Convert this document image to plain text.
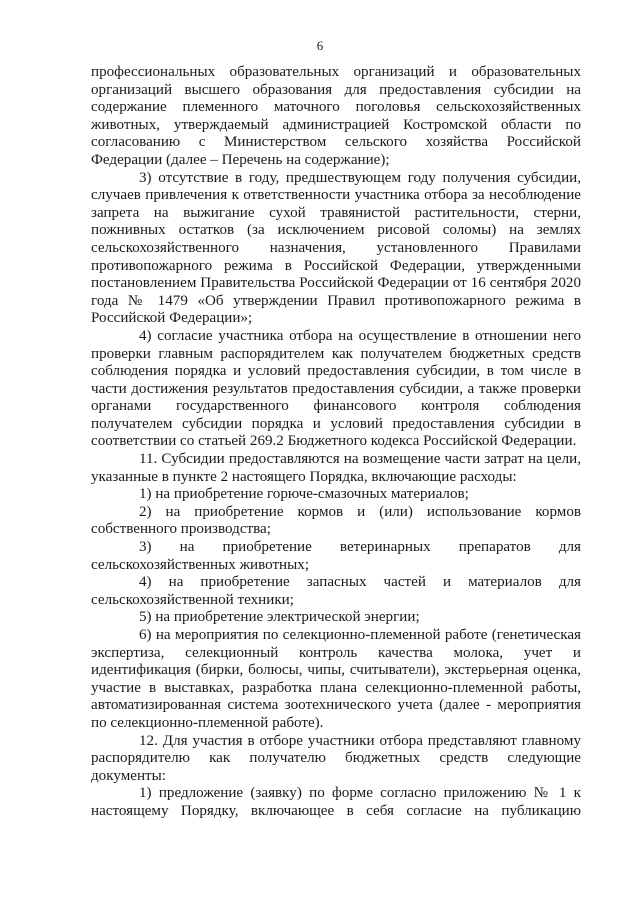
6

профессиональных образовательных организаций и образовательных организаций высшего образования для предоставления субсидии на содержание племенного маточного поголовья сельскохозяйственных животных, утверждаемый администрацией Костромской области по согласованию с Министерством сельского хозяйства Российской Федерации (далее – Перечень на содержание);

3) отсутствие в году, предшествующем году получения субсидии, случаев привлечения к ответственности участника отбора за несоблюдение запрета на выжигание сухой травянистой растительности, стерни, пожнивных остатков (за исключением рисовой соломы) на землях сельскохозяйственного назначения, установленного Правилами противопожарного режима в Российской Федерации, утвержденными постановлением Правительства Российской Федерации от 16 сентября 2020 года № 1479 «Об утверждении Правил противопожарного режима в Российской Федерации»;

4) согласие участника отбора на осуществление в отношении него проверки главным распорядителем как получателем бюджетных средств соблюдения порядка и условий предоставления субсидии, в том числе в части достижения результатов предоставления субсидии, а также проверки органами государственного финансового контроля соблюдения получателем субсидии порядка и условий предоставления субсидии в соответствии со статьей 269.2 Бюджетного кодекса Российской Федерации.

11. Субсидии предоставляются на возмещение части затрат на цели, указанные в пункте 2 настоящего Порядка, включающие расходы:

1) на приобретение горюче-смазочных материалов;

2) на приобретение кормов и (или) использование кормов собственного производства;

3) на приобретение ветеринарных препаратов для сельскохозяйственных животных;

4) на приобретение запасных частей и материалов для сельскохозяйственной техники;

5) на приобретение электрической энергии;

6) на мероприятия по селекционно-племенной работе (генетическая экспертиза, селекционный контроль качества молока, учет и идентификация (бирки, болюсы, чипы, считыватели), экстерьерная оценка, участие в выставках, разработка плана селекционно-племенной работы, автоматизированная система зоотехнического учета (далее - мероприятия по селекционно-племенной работе).

12. Для участия в отборе участники отбора представляют главному распорядителю как получателю бюджетных средств следующие документы:

1) предложение (заявку) по форме согласно приложению № 1 к настоящему Порядку, включающее в себя согласие на публикацию
